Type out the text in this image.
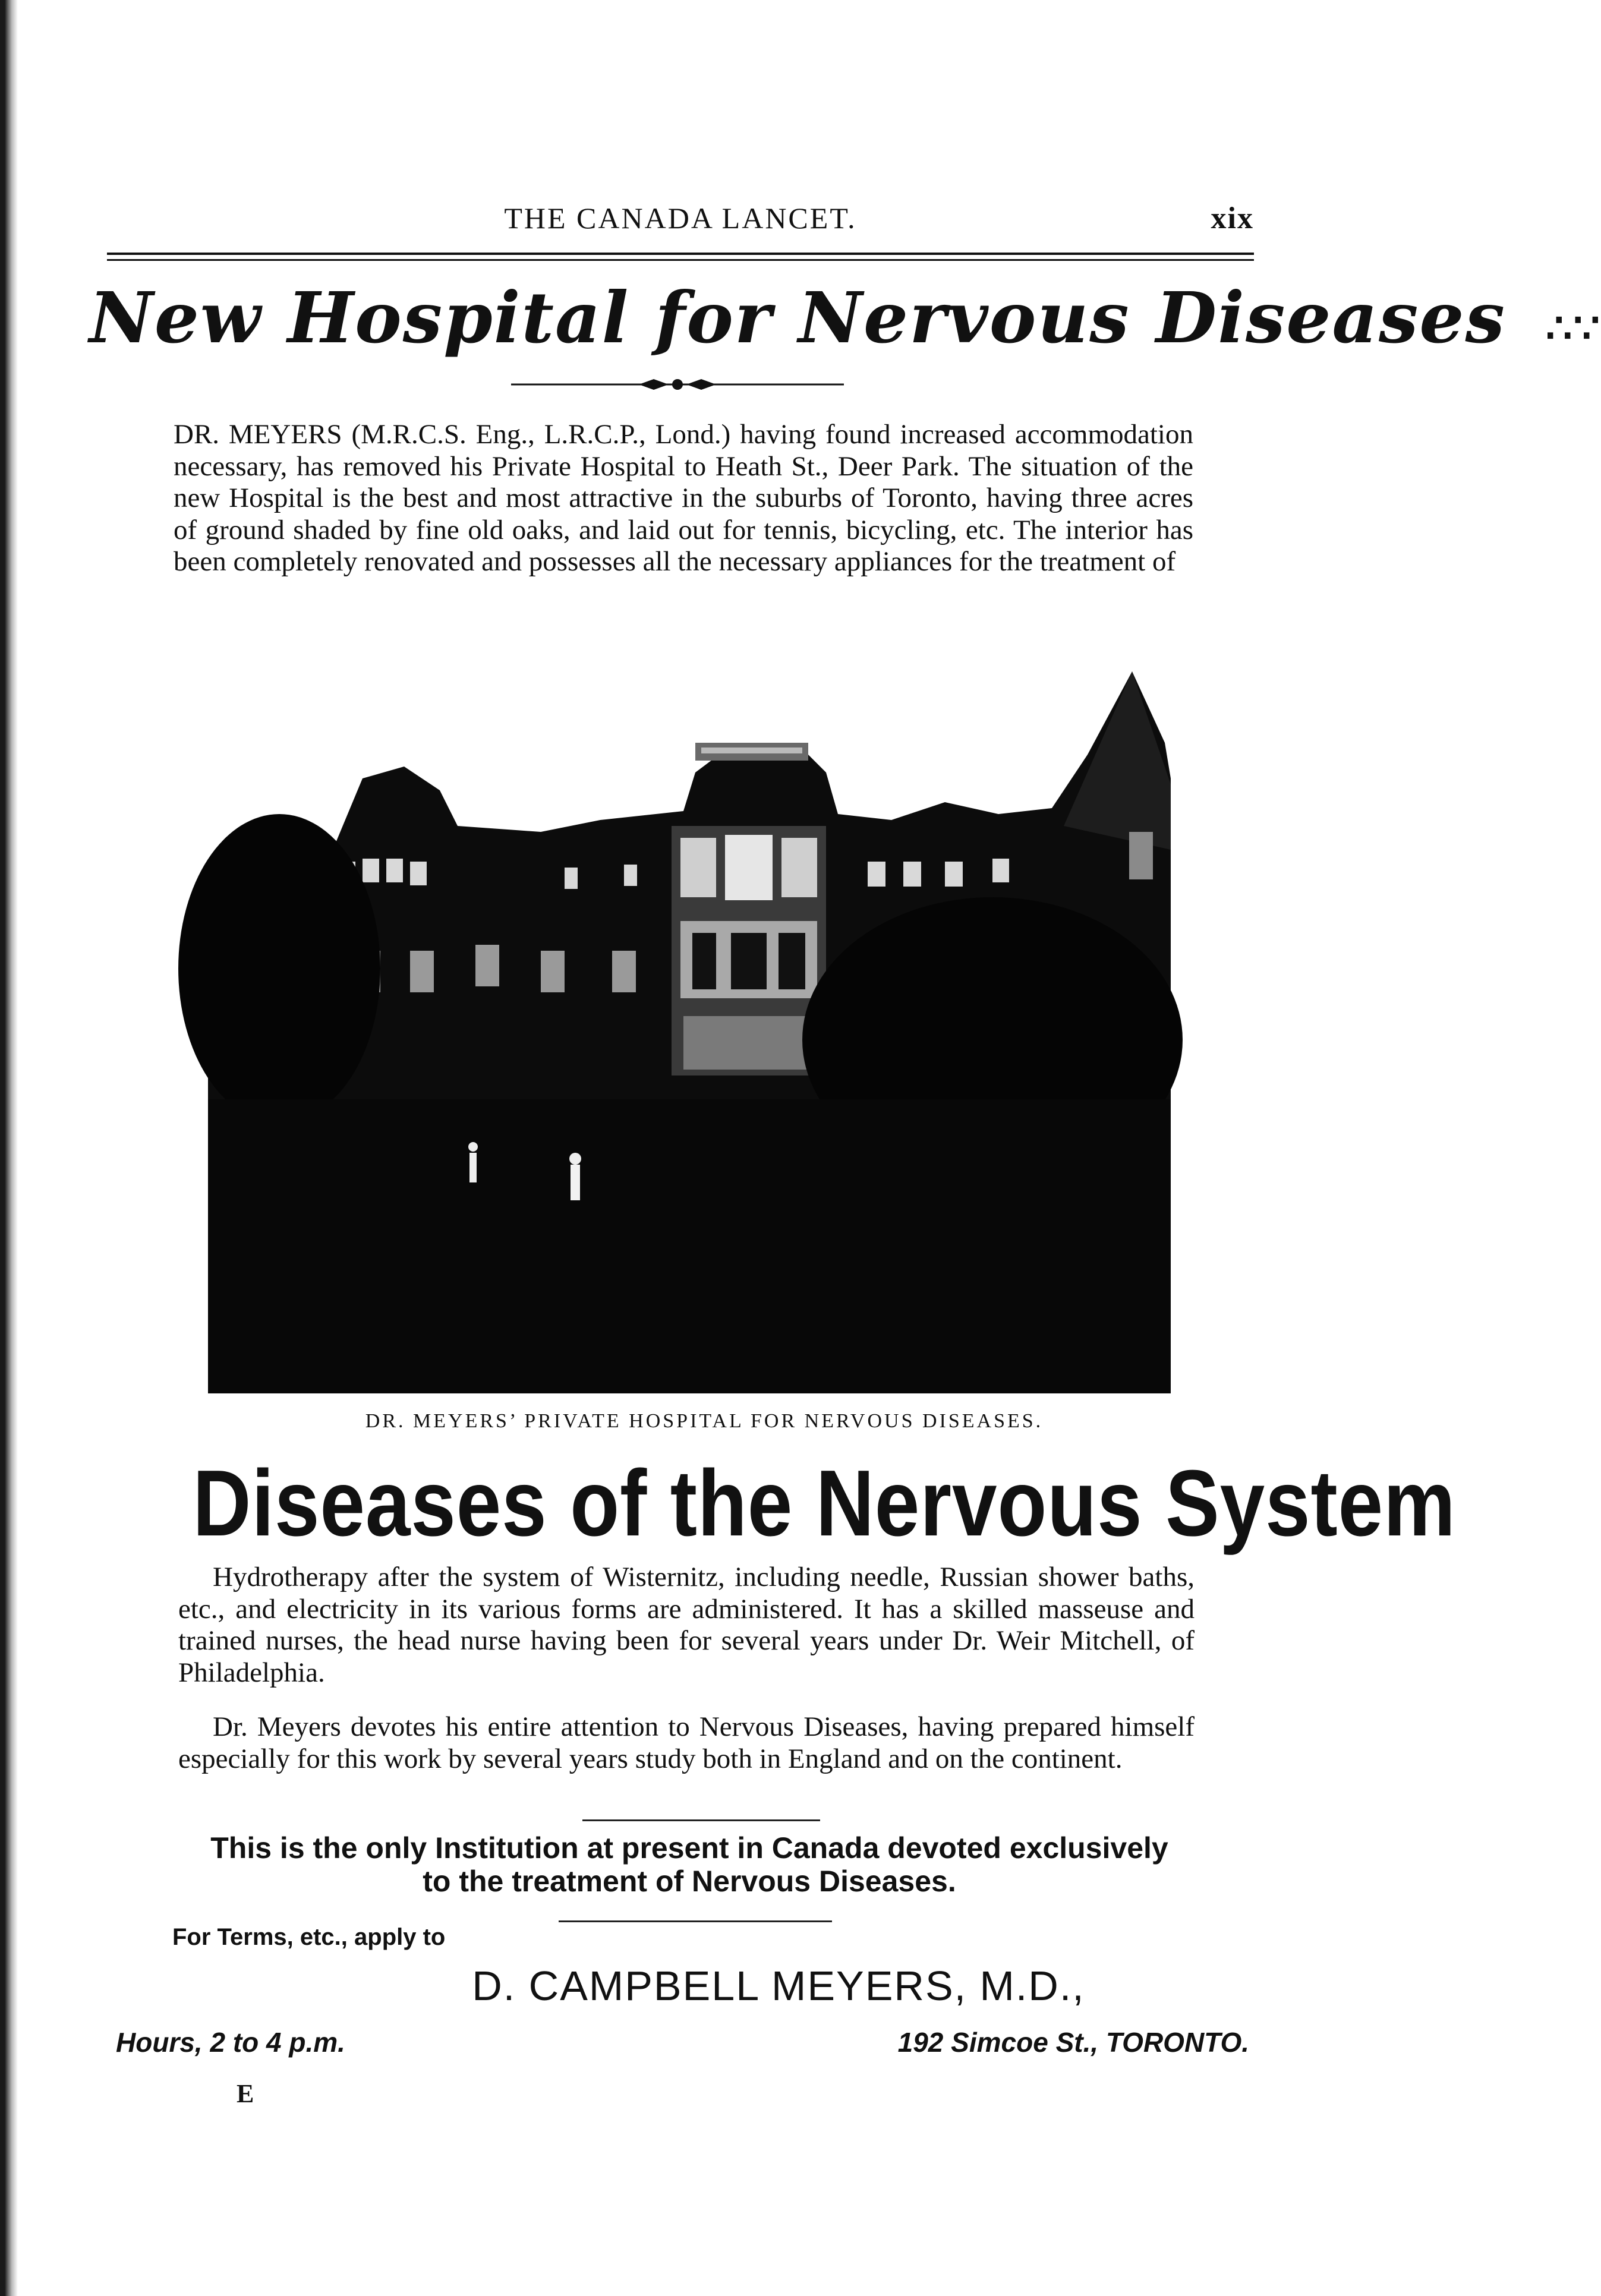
THE CANADA LANCET.	xix
New Hospital for Nervous Diseases ∴∵

DR. MEYERS (M.R.C.S. Eng., L.R.C.P., Lond.) having found increased accommodation necessary, has removed his Private Hospital to Heath St., Deer Park. The situation of the new Hospital is the best and most attractive in the suburbs of Toronto, having three acres of ground shaded by fine old oaks, and laid out for tennis, bicycling, etc. The interior has been completely renovated and possesses all the necessary appliances for the treatment of

DR. MEYERS’ PRIVATE HOSPITAL FOR NERVOUS DISEASES.
Diseases of the Nervous System

Hydrotherapy after the system of Wisternitz, including needle, Russian shower baths, etc., and electricity in its various forms are administered. It has a skilled masseuse and trained nurses, the head nurse having been for several years under Dr. Weir Mitchell, of Philadelphia.

Dr. Meyers devotes his entire attention to Nervous Diseases, having prepared himself especially for this work by several years study both in England and on the continent.

This is the only Institution at present in Canada devoted exclusively
to the treatment of Nervous Diseases.

For Terms, etc., apply to
D. CAMPBELL MEYERS, M.D.,
Hours, 2 to 4 p.m.	192 Simcoe St., TORONTO.
E
